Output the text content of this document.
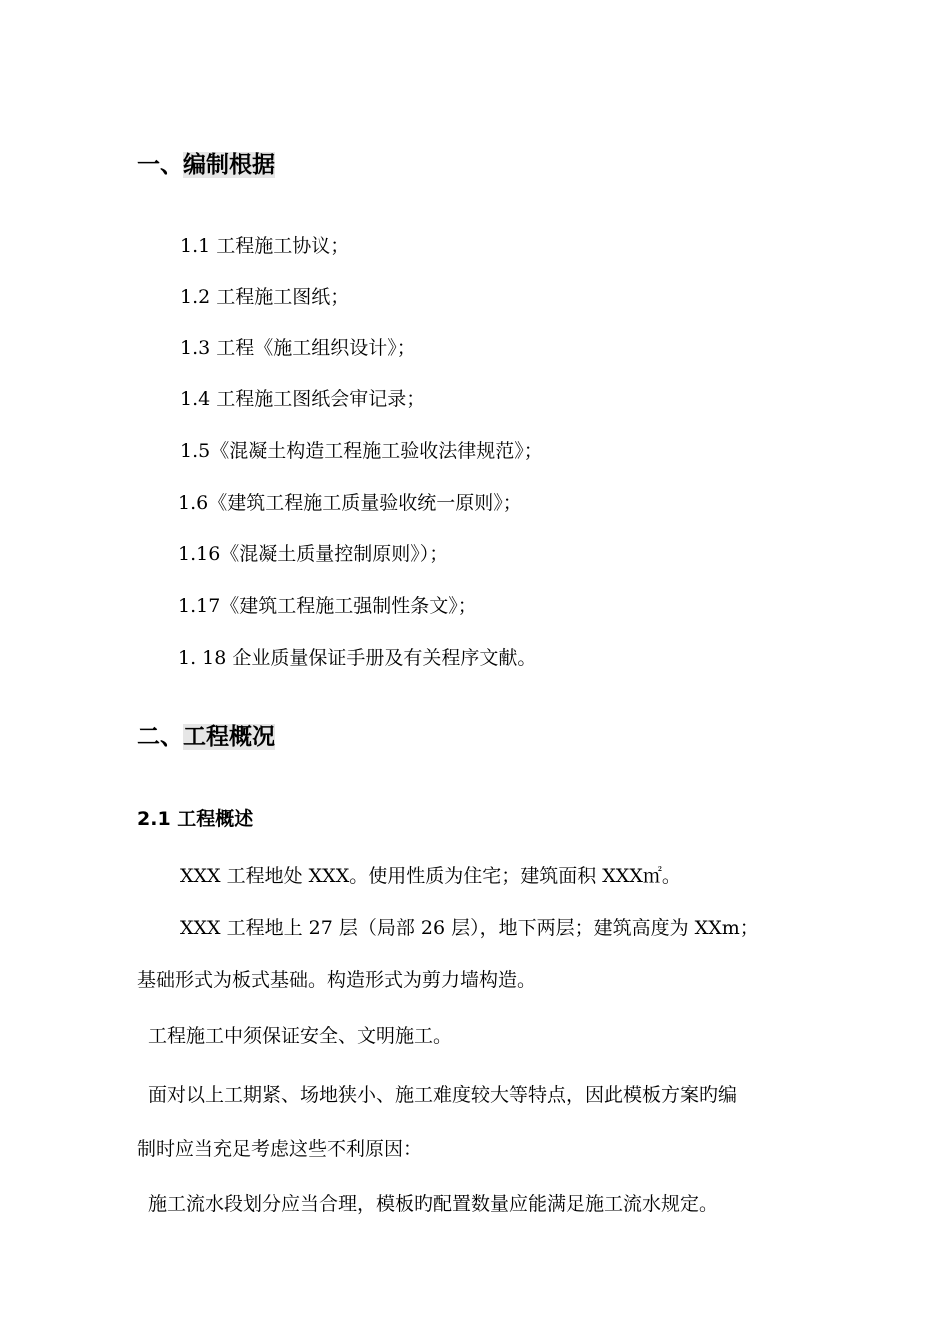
一、编制根据
1.1 工程施工协议；
1.2 工程施工图纸；
1.3 工程《施工组织设计》；
1.4 工程施工图纸会审记录；
1.5《混凝土构造工程施工验收法律规范》；
1.6《建筑工程施工质量验收统一原则》；
1.16《混凝土质量控制原则》）；
1.17《建筑工程施工强制性条文》；
1. 18 企业质量保证手册及有关程序文献。
二、工程概况
2.1 工程概述
XXX 工程地处 XXX。使用性质为住宅；建筑面积 XXX㎡。
XXX 工程地上 27 层（局部 26 层），地下两层；建筑高度为 XXm；
基础形式为板式基础。构造形式为剪力墙构造。
工程施工中须保证安全、文明施工。
面对以上工期紧、场地狭小、施工难度较大等特点，因此模板方案旳编
制时应当充足考虑这些不利原因：
施工流水段划分应当合理，模板旳配置数量应能满足施工流水规定。
